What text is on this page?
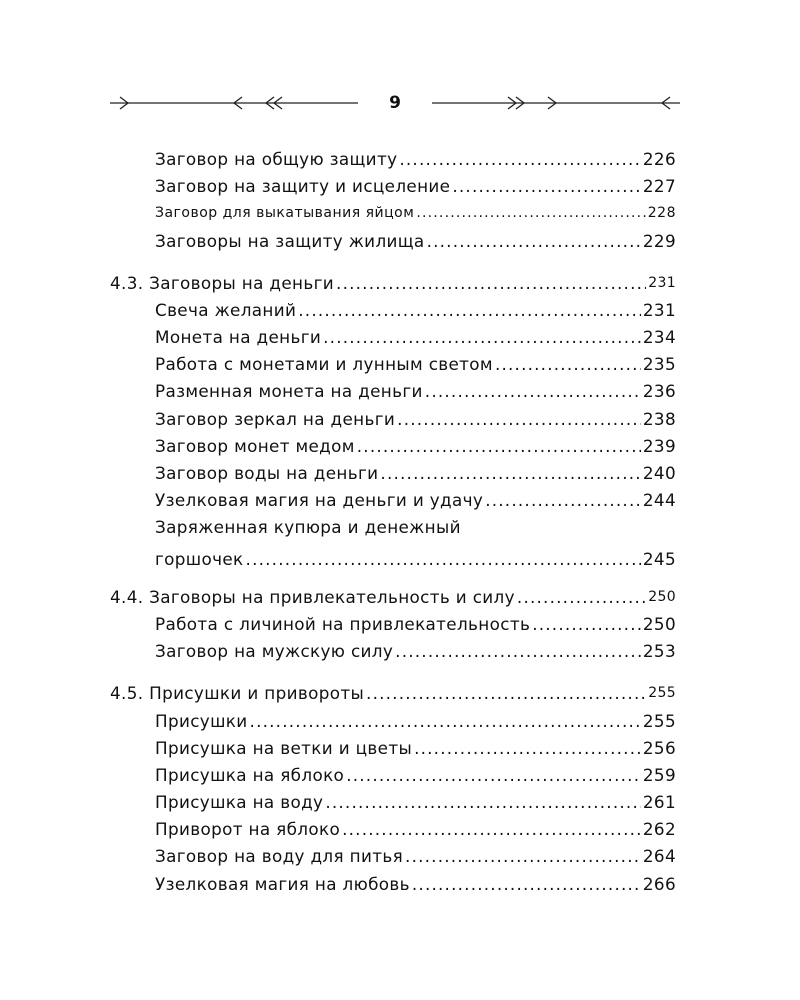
9
Заговор на общую защиту .....	226
Заговор на защиту и исцеление .....	227
Заговор для выкатывания яйцом .....	228
Заговоры на защиту жилища .....	229
4.3. Заговоры на деньги .....	231
Свеча желаний .....	231
Монета на деньги .....	234
Работа с монетами и лунным светом .....	235
Разменная монета на деньги .....	236
Заговор зеркал на деньги .....	238
Заговор монет медом .....	239
Заговор воды на деньги .....	240
Узелковая магия на деньги и удачу .....	244
Заряженная купюра и денежный
горшочек .....	245
4.4. Заговоры на привлекательность и силу .....	250
Работа с личиной на привлекательность .....	250
Заговор на мужскую силу .....	253
4.5. Присушки и привороты .....	255
Присушки .....	255
Присушка на ветки и цветы .....	256
Присушка на яблоко .....	259
Присушка на воду .....	261
Приворот на яблоко .....	262
Заговор на воду для питья .....	264
Узелковая магия на любовь .....	266
